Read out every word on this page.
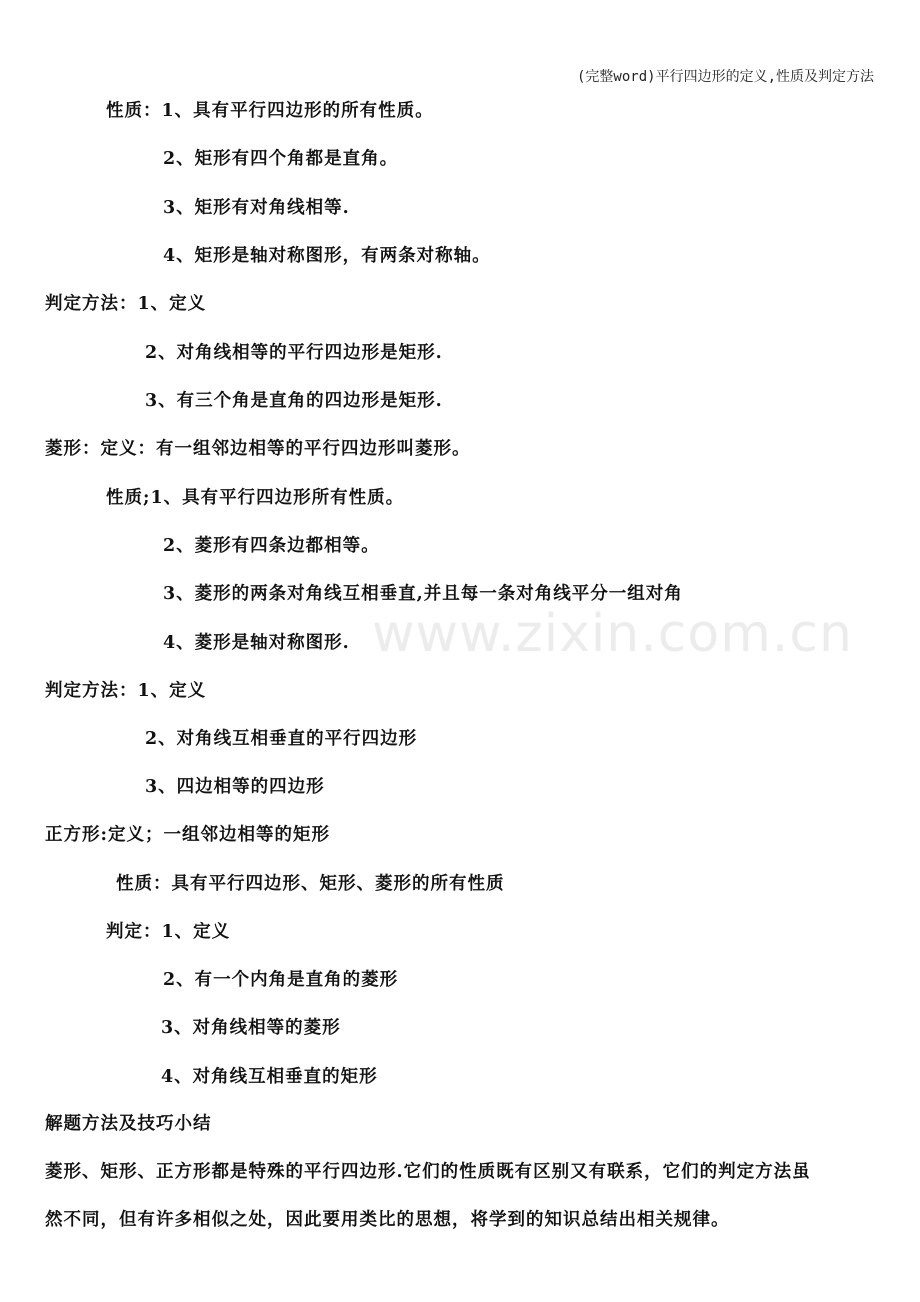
(完整word)平行四边形的定义,性质及判定方法
www.zixin.com.cn
性质：1、具有平行四边形的所有性质。
2、矩形有四个角都是直角。
3、矩形有对角线相等.
4、矩形是轴对称图形，有两条对称轴。
判定方法：1、定义
2、对角线相等的平行四边形是矩形.
3、有三个角是直角的四边形是矩形.
菱形：定义：有一组邻边相等的平行四边形叫菱形。
性质;1、具有平行四边形所有性质。
2、菱形有四条边都相等。
3、菱形的两条对角线互相垂直,并且每一条对角线平分一组对角
4、菱形是轴对称图形.
判定方法：1、定义
2、对角线互相垂直的平行四边形
3、四边相等的四边形
正方形:定义；一组邻边相等的矩形
性质：具有平行四边形、矩形、菱形的所有性质
判定：1、定义
2、有一个内角是直角的菱形
3、对角线相等的菱形
4、对角线互相垂直的矩形
解题方法及技巧小结
菱形、矩形、正方形都是特殊的平行四边形.它们的性质既有区别又有联系，它们的判定方法虽
然不同，但有许多相似之处，因此要用类比的思想，将学到的知识总结出相关规律。
